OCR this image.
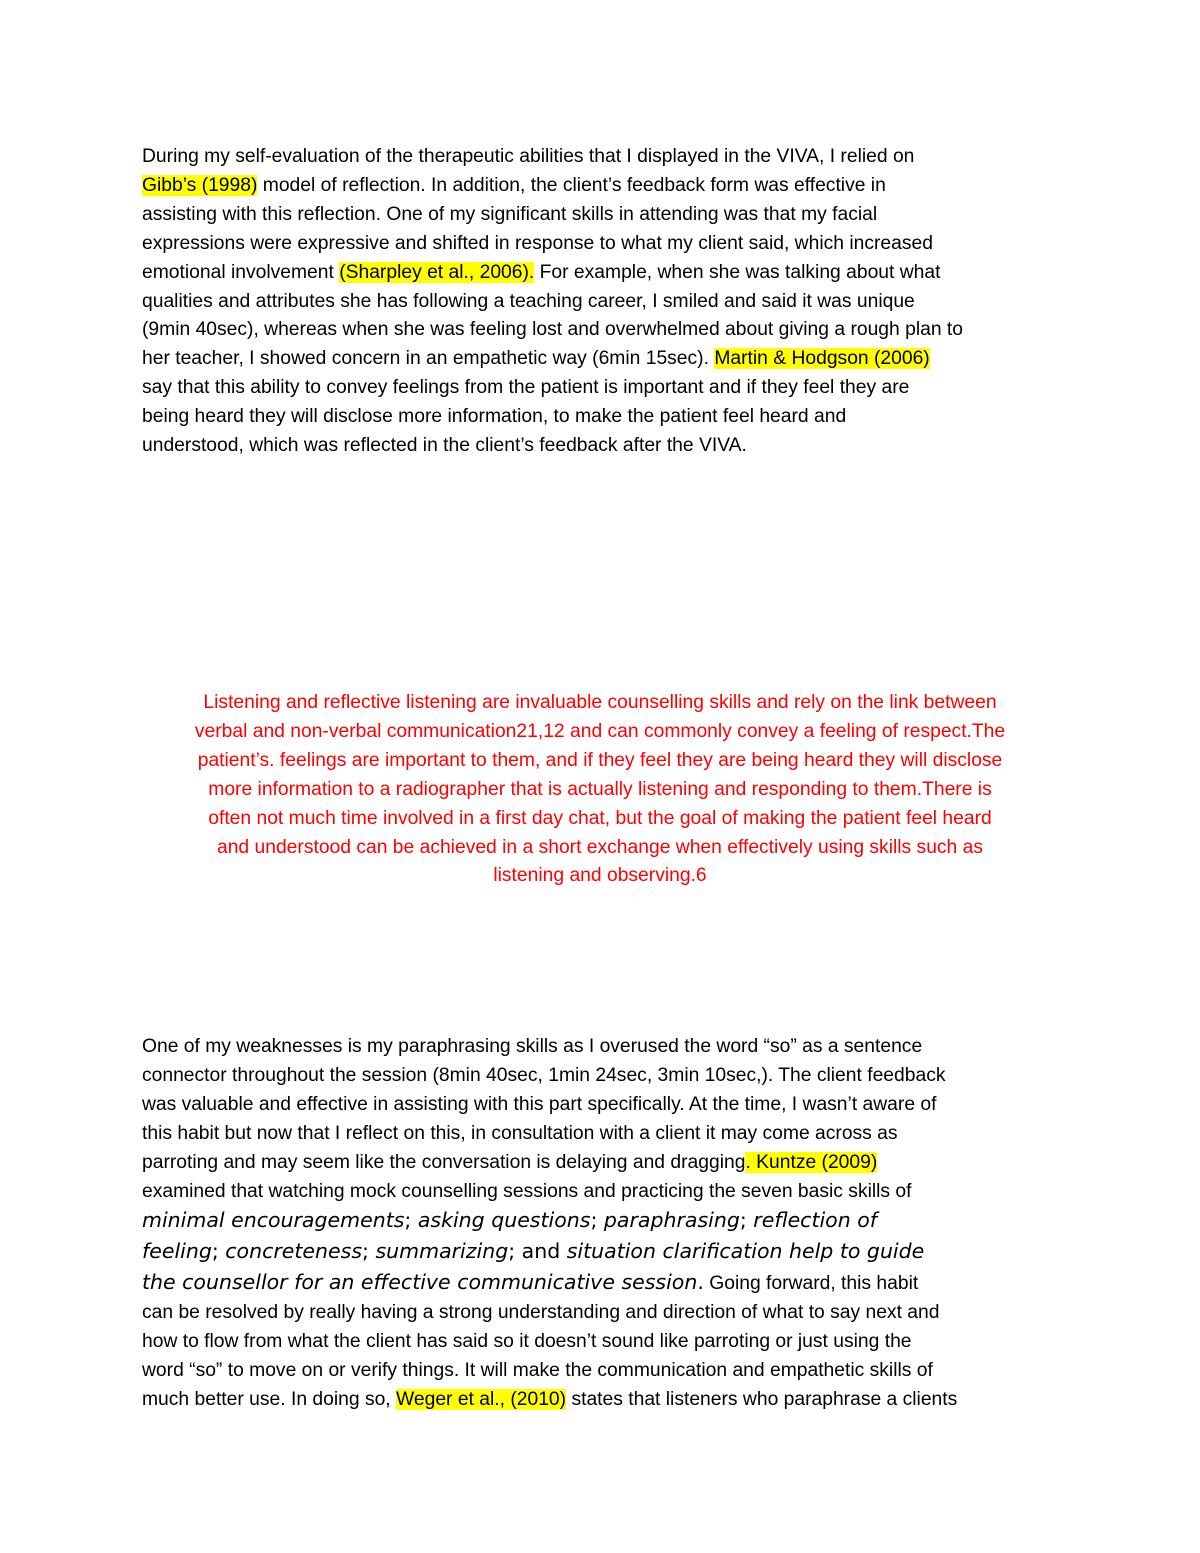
During my self-evaluation of the therapeutic abilities that I displayed in the VIVA, I relied on
Gibb’s (1998) model of reflection. In addition, the client’s feedback form was effective in
assisting with this reflection. One of my significant skills in attending was that my facial
expressions were expressive and shifted in response to what my client said, which increased
emotional involvement (Sharpley et al., 2006). For example, when she was talking about what
qualities and attributes she has following a teaching career, I smiled and said it was unique
(9min 40sec), whereas when she was feeling lost and overwhelmed about giving a rough plan to
her teacher, I showed concern in an empathetic way (6min 15sec). Martin & Hodgson (2006)
say that this ability to convey feelings from the patient is important and if they feel they are
being heard they will disclose more information, to make the patient feel heard and
understood, which was reflected in the client’s feedback after the VIVA.

Listening and reflective listening are invaluable counselling skills and rely on the link between
verbal and non-verbal communication21,12 and can commonly convey a feeling of respect.The
patient’s. feelings are important to them, and if they feel they are being heard they will disclose
more information to a radiographer that is actually listening and responding to them.There is
often not much time involved in a first day chat, but the goal of making the patient feel heard
and understood can be achieved in a short exchange when effectively using skills such as
listening and observing.6

One of my weaknesses is my paraphrasing skills as I overused the word “so” as a sentence
connector throughout the session (8min 40sec, 1min 24sec, 3min 10sec,). The client feedback
was valuable and effective in assisting with this part specifically. At the time, I wasn’t aware of
this habit but now that I reflect on this, in consultation with a client it may come across as
parroting and may seem like the conversation is delaying and dragging. Kuntze (2009)
examined that watching mock counselling sessions and practicing the seven basic skills of
minimal encouragements; asking questions; paraphrasing; reflection of
feeling; concreteness; summarizing; and situation clarification help to guide
the counsellor for an effective communicative session. Going forward, this habit
can be resolved by really having a strong understanding and direction of what to say next and
how to flow from what the client has said so it doesn’t sound like parroting or just using the
word “so” to move on or verify things. It will make the communication and empathetic skills of
much better use. In doing so, Weger et al., (2010) states that listeners who paraphrase a clients
